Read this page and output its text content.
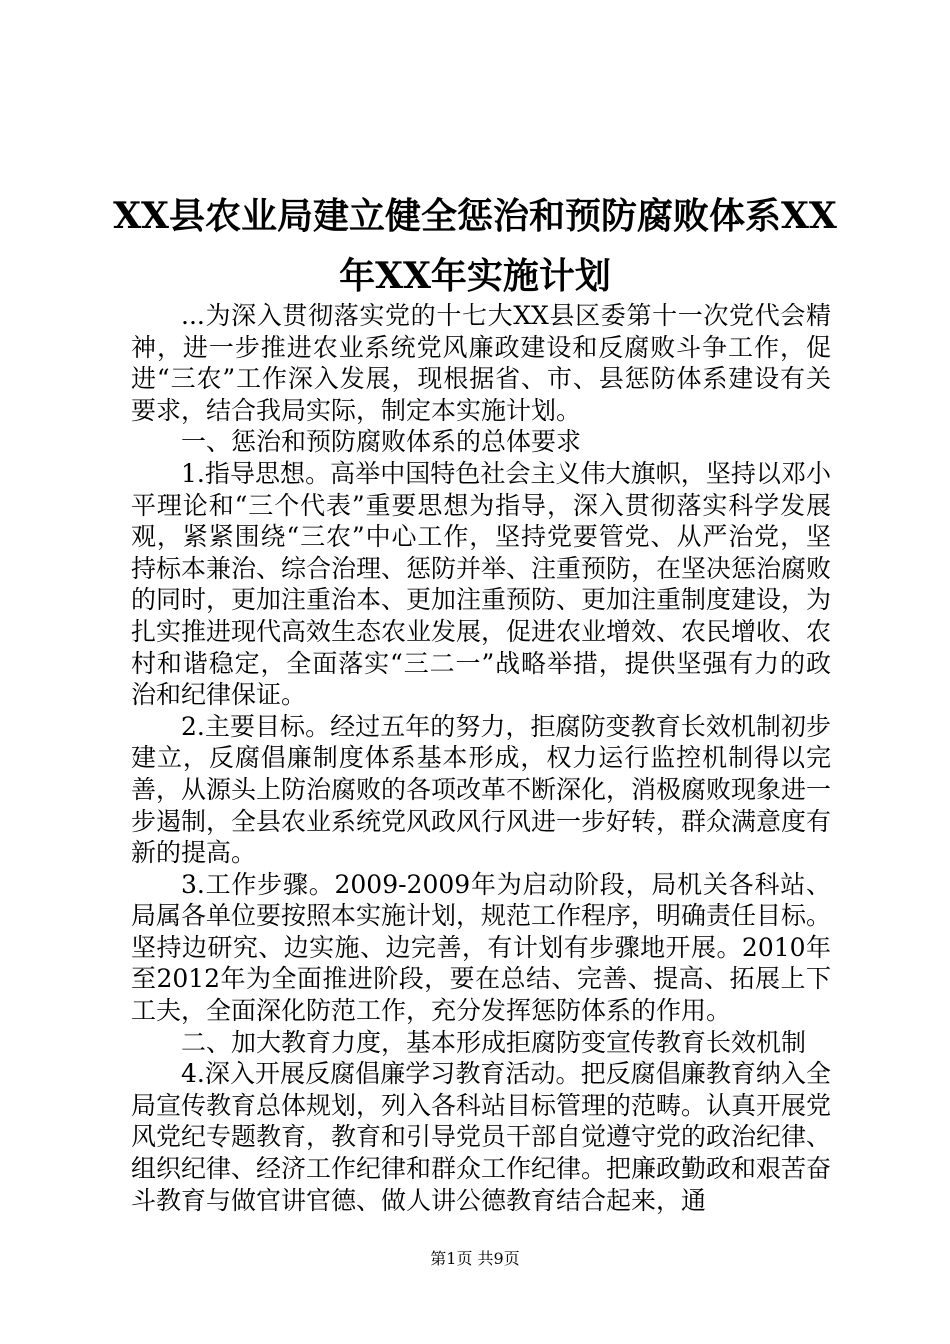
XX县农业局建立健全惩治和预防腐败体系XX
年XX年实施计划

...为深入贯彻落实党的十七大XX县区委第十一次党代会精神，进一步推进农业系统党风廉政建设和反腐败斗争工作，促进“三农”工作深入发展，现根据省、市、县惩防体系建设有关要求，结合我局实际，制定本实施计划。

一、惩治和预防腐败体系的总体要求

1.指导思想。高举中国特色社会主义伟大旗帜，坚持以邓小平理论和“三个代表”重要思想为指导，深入贯彻落实科学发展观，紧紧围绕“三农”中心工作，坚持党要管党、从严治党，坚持标本兼治、综合治理、惩防并举、注重预防，在坚决惩治腐败的同时，更加注重治本、更加注重预防、更加注重制度建设，为扎实推进现代高效生态农业发展，促进农业增效、农民增收、农村和谐稳定，全面落实“三二一”战略举措，提供坚强有力的政治和纪律保证。

2.主要目标。经过五年的努力，拒腐防变教育长效机制初步建立，反腐倡廉制度体系基本形成，权力运行监控机制得以完善，从源头上防治腐败的各项改革不断深化，消极腐败现象进一步遏制，全县农业系统党风政风行风进一步好转，群众满意度有新的提高。

3.工作步骤。2009-2009年为启动阶段，局机关各科站、局属各单位要按照本实施计划，规范工作程序，明确责任目标。坚持边研究、边实施、边完善，有计划有步骤地开展。2010年至2012年为全面推进阶段，要在总结、完善、提高、拓展上下工夫，全面深化防范工作，充分发挥惩防体系的作用。

二、加大教育力度，基本形成拒腐防变宣传教育长效机制

4.深入开展反腐倡廉学习教育活动。把反腐倡廉教育纳入全局宣传教育总体规划，列入各科站目标管理的范畴。认真开展党风党纪专题教育，教育和引导党员干部自觉遵守党的政治纪律、组织纪律、经济工作纪律和群众工作纪律。把廉政勤政和艰苦奋斗教育与做官讲官德、做人讲公德教育结合起来，通

第1页 共9页
